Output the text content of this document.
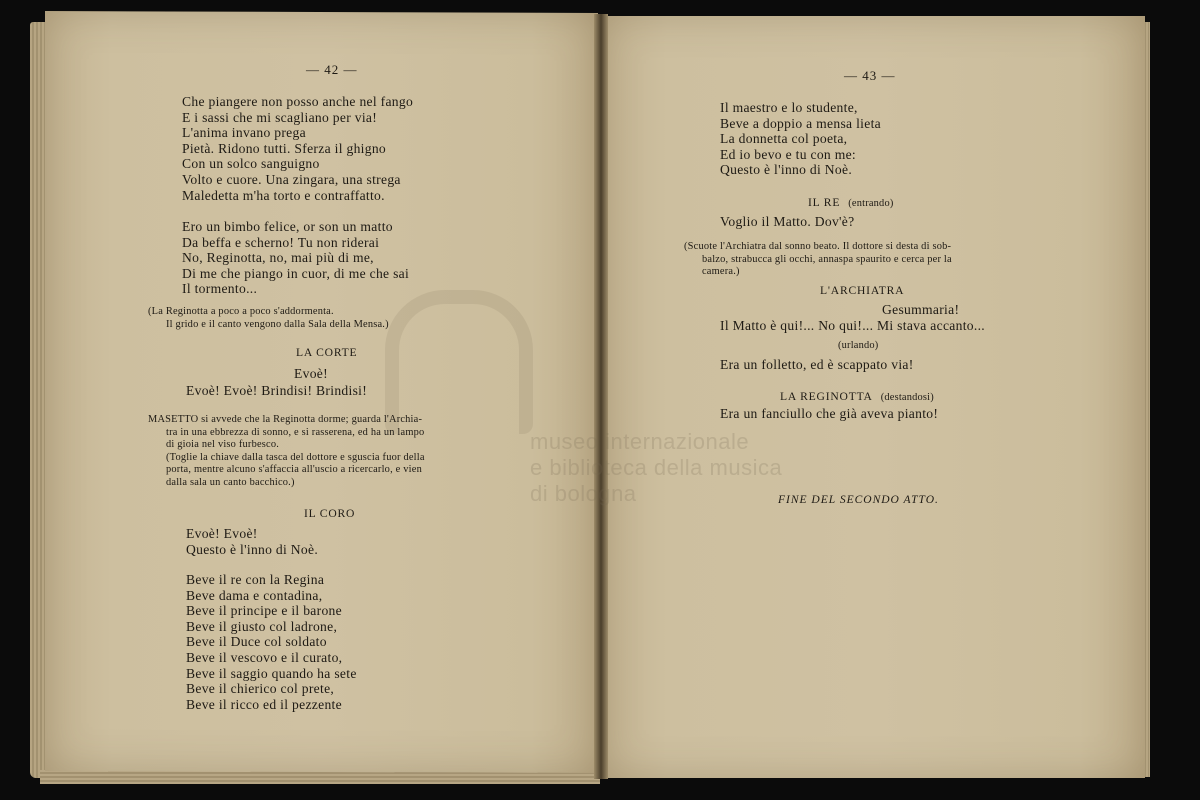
museo internazionale
e biblioteca della musica
di bologna
— 42 —
Che piangere non posso anche nel fango
E i sassi che mi scagliano per via!
L'anima invano prega
Pietà. Ridono tutti. Sferza il ghigno
Con un solco sanguigno
Volto e cuore. Una zingara, una strega
Maledetta m'ha torto e contraffatto.
Ero un bimbo felice, or son un matto
Da beffa e scherno! Tu non riderai
No, Reginotta, no, mai più di me,
Di me che piango in cuor, di me che sai
Il tormento...
(La Reginotta a poco a poco s'addormenta.
Il grido e il canto vengono dalla Sala della Mensa.)
LA CORTE
Evoè!
Evoè! Evoè! Brindisi! Brindisi!
MASETTO si avvede che la Reginotta dorme; guarda l'Archia-
tra in una ebbrezza di sonno, e si rasserena, ed ha un lampo
di gioia nel viso furbesco.
(Toglie la chiave dalla tasca del dottore e sguscia fuor della
porta, mentre alcuno s'affaccia all'uscio a ricercarlo, e vien
dalla sala un canto bacchico.)
IL CORO
Evoè! Evoè!
Questo è l'inno di Noè.
Beve il re con la Regina
Beve dama e contadina,
Beve il principe e il barone
Beve il giusto col ladrone,
Beve il Duce col soldato
Beve il vescovo e il curato,
Beve il saggio quando ha sete
Beve il chierico col prete,
Beve il ricco ed il pezzente
— 43 —
Il maestro e lo studente,
Beve a doppio a mensa lieta
La donnetta col poeta,
Ed io bevo e tu con me:
Questo è l'inno di Noè.
IL RE (entrando)
Voglio il Matto. Dov'è?
(Scuote l'Archiatra dal sonno beato. Il dottore si desta di sob-
balzo, strabucca gli occhi, annaspa spaurito e cerca per la
camera.)
L'ARCHIATRA
Gesummaria!
Il Matto è qui!... No qui!... Mi stava accanto...
(urlando)
Era un folletto, ed è scappato via!
LA REGINOTTA (destandosi)
Era un fanciullo che già aveva pianto!
FINE DEL SECONDO ATTO.
